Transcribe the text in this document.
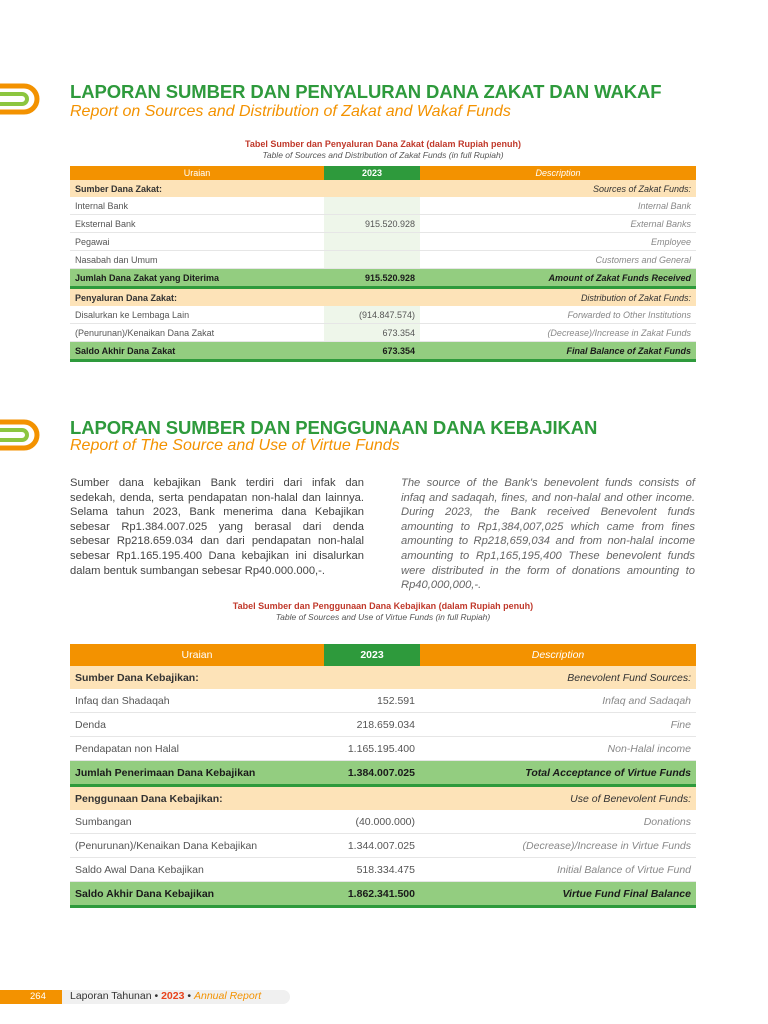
LAPORAN SUMBER DAN PENYALURAN DANA ZAKAT DAN WAKAF
Report on Sources and Distribution of Zakat and Wakaf Funds
Tabel Sumber dan Penyaluran Dana Zakat (dalam Rupiah penuh)
Table of Sources and Distribution of Zakat Funds (in full Rupiah)
Uraian	2023	Description
Sumber Dana Zakat:		Sources of Zakat Funds:
Internal Bank		Internal Bank
Eksternal Bank	915.520.928	External Banks
Pegawai		Employee
Nasabah dan Umum		Customers and General
Jumlah Dana Zakat yang Diterima	915.520.928	Amount of Zakat Funds Received
Penyaluran Dana Zakat:		Distribution of Zakat Funds:
Disalurkan ke Lembaga Lain	(914.847.574)	Forwarded to Other Institutions
(Penurunan)/Kenaikan Dana Zakat	673.354	(Decrease)/Increase in Zakat Funds
Saldo Akhir Dana Zakat	673.354	Final Balance of Zakat Funds
LAPORAN SUMBER DAN PENGGUNAAN DANA KEBAJIKAN
Report of The Source and Use of Virtue Funds
Sumber dana kebajikan Bank terdiri dari infak dan sedekah, denda, serta pendapatan non-halal dan lainnya. Selama tahun 2023, Bank menerima dana Kebajikan sebesar Rp1.384.007.025 yang berasal dari denda sebesar Rp218.659.034 dan dari pendapatan non-halal sebesar Rp1.165.195.400 Dana kebajikan ini disalurkan dalam bentuk sumbangan sebesar Rp40.000.000,-.
The source of the Bank's benevolent funds consists of infaq and sadaqah, fines, and non-halal and other income. During 2023, the Bank received Benevolent funds amounting to Rp1,384,007,025 which came from fines amounting to Rp218,659,034 and from non-halal income amounting to Rp1,165,195,400 These benevolent funds were distributed in the form of donations amounting to Rp40,000,000,-.
Tabel Sumber dan Penggunaan Dana Kebajikan (dalam Rupiah penuh)
Table of Sources and Use of Virtue Funds (in full Rupiah)
Uraian	2023	Description
Sumber Dana Kebajikan:		Benevolent Fund Sources:
Infaq dan Shadaqah	152.591	Infaq and Sadaqah
Denda	218.659.034	Fine
Pendapatan non Halal	1.165.195.400	Non-Halal income
Jumlah Penerimaan Dana Kebajikan	1.384.007.025	Total Acceptance of Virtue Funds
Penggunaan Dana Kebajikan:		Use of Benevolent Funds:
Sumbangan	(40.000.000)	Donations
(Penurunan)/Kenaikan Dana Kebajikan	1.344.007.025	(Decrease)/Increase in Virtue Funds
Saldo Awal Dana Kebajikan	518.334.475	Initial Balance of Virtue Fund
Saldo Akhir Dana Kebajikan	1.862.341.500	Virtue Fund Final Balance
264 Laporan Tahunan • 2023 • Annual Report
